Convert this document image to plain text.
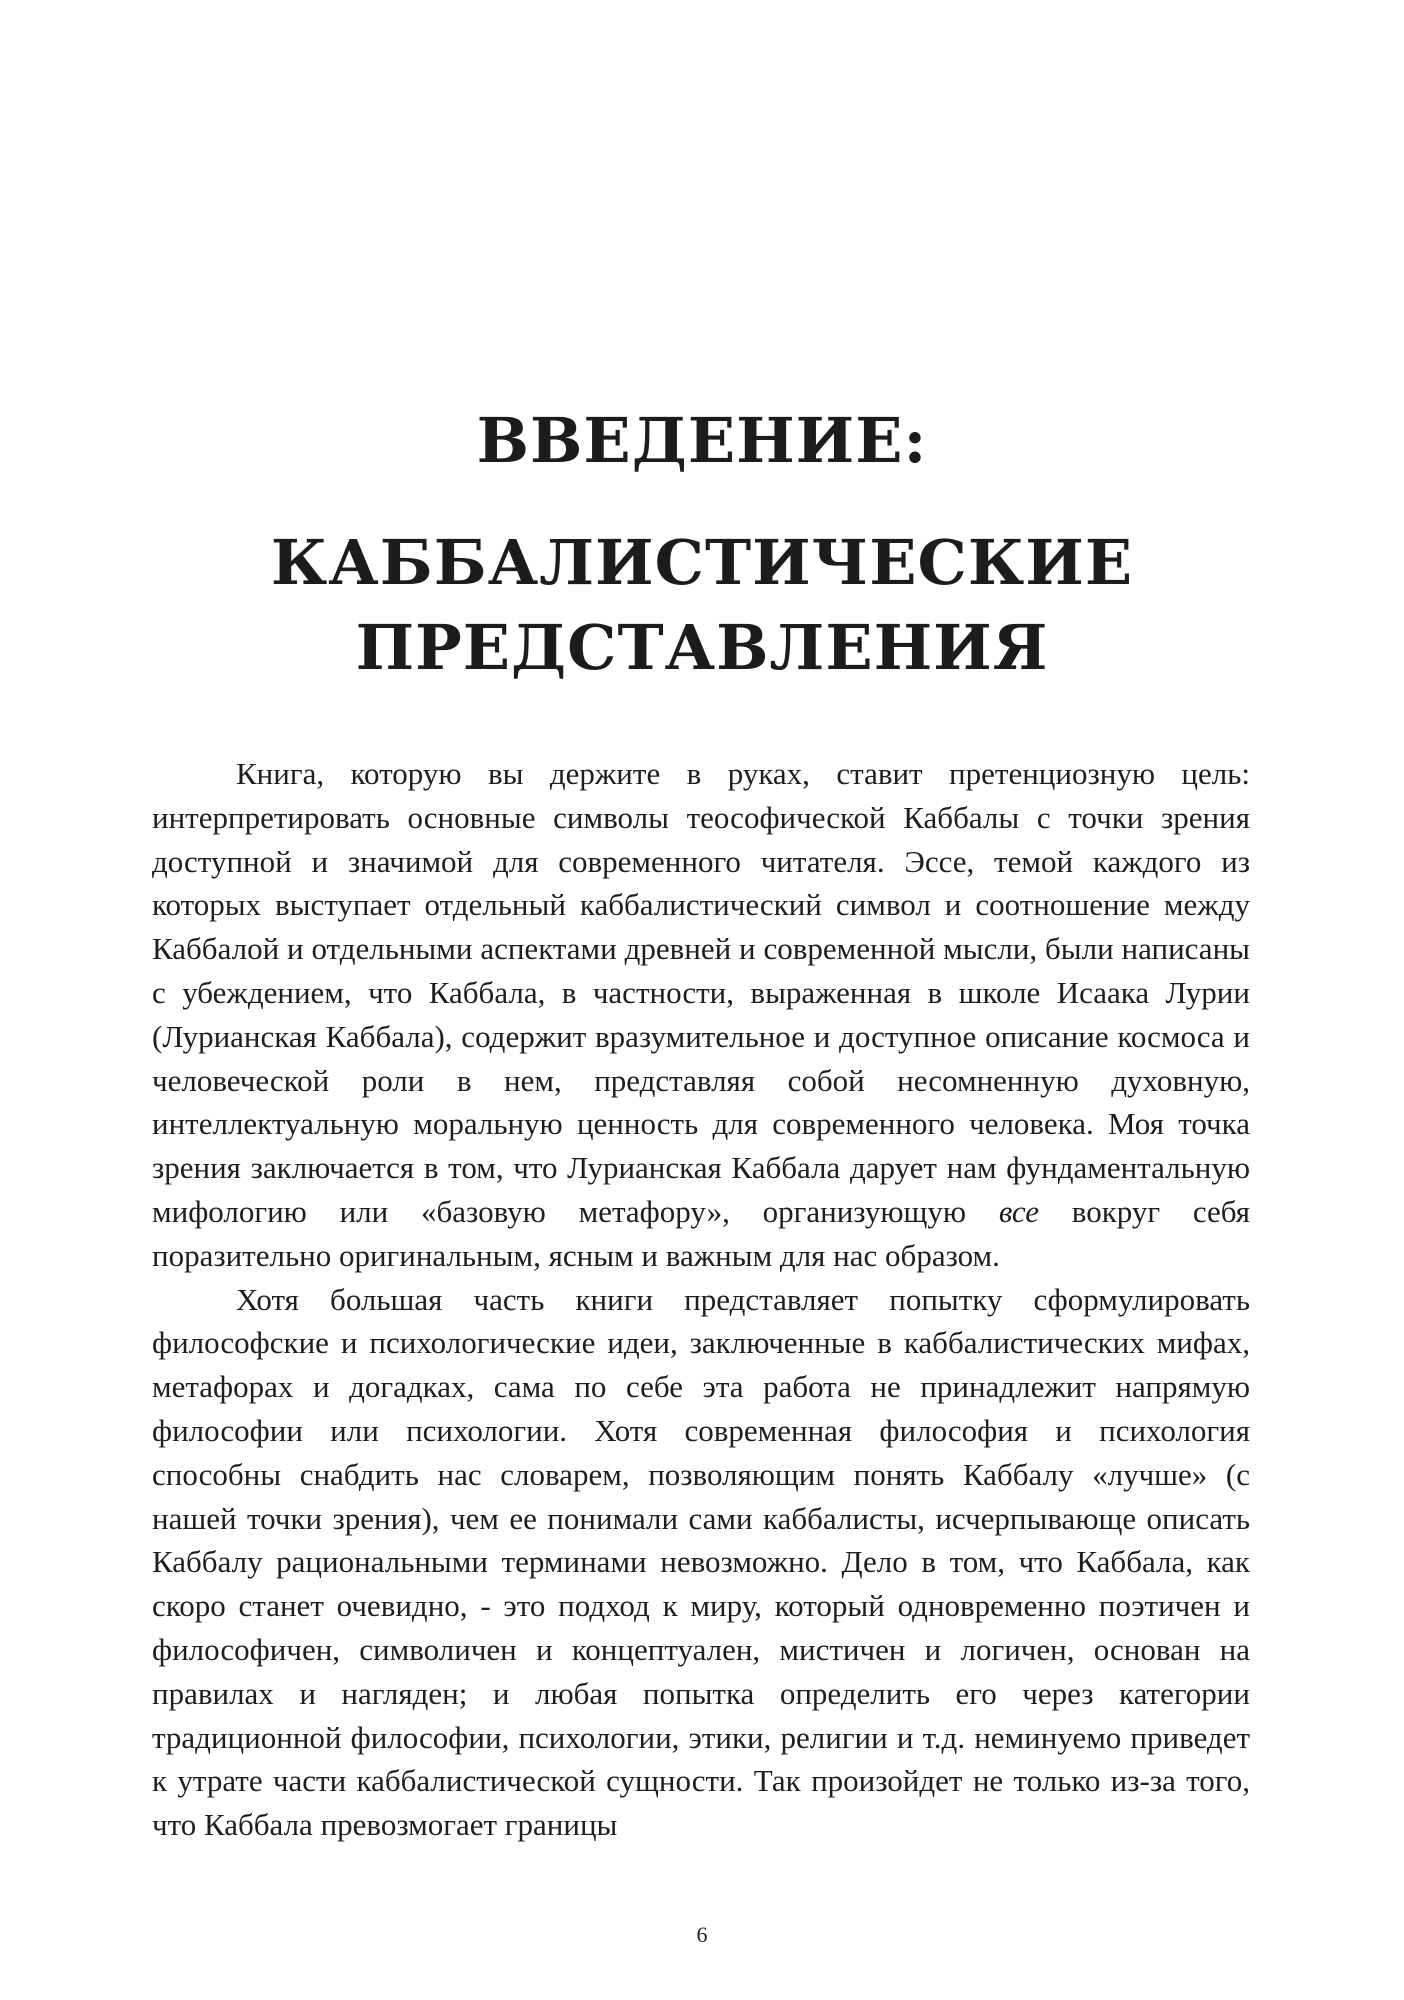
ВВЕДЕНИЕ:
КАББАЛИСТИЧЕСКИЕ
ПРЕДСТАВЛЕНИЯ

Книга, которую вы держите в руках, ставит претенциозную цель: интерпретировать основные символы теософической Каббалы с точки зрения доступной и значимой для современного читателя. Эссе, темой каждого из которых выступает отдельный каббалистический символ и соотношение между Каббалой и отдельными аспектами древней и современной мысли, были написаны с убеждением, что Каббала, в частности, выраженная в школе Исаака Лурии (Лурианская Каббала), содержит вразумительное и доступное описание космоса и человеческой роли в нем, представляя собой несомненную духовную, интеллектуальную моральную ценность для современного человека. Моя точка зрения заключается в том, что Лурианская Каббала дарует нам фундаментальную мифологию или «базовую метафору», организующую все вокруг себя поразительно оригинальным, ясным и важным для нас образом.

Хотя большая часть книги представляет попытку сформулировать философские и психологические идеи, заключенные в каббалистических мифах, метафорах и догадках, сама по себе эта работа не принадлежит напрямую философии или психологии. Хотя современная философия и психология способны снабдить нас словарем, позволяющим понять Каббалу «лучше» (с нашей точки зрения), чем ее понимали сами каббалисты, исчерпывающе описать Каббалу рациональными терминами невозможно. Дело в том, что Каббала, как скоро станет очевидно, - это подход к миру, который одновременно поэтичен и философичен, символичен и концептуален, мистичен и логичен, основан на правилах и нагляден; и любая попытка определить его через категории традиционной философии, психологии, этики, религии и т.д. неминуемо приведет к утрате части каббалистической сущности. Так произойдет не только из-за того, что Каббала превозмогает границы

6
